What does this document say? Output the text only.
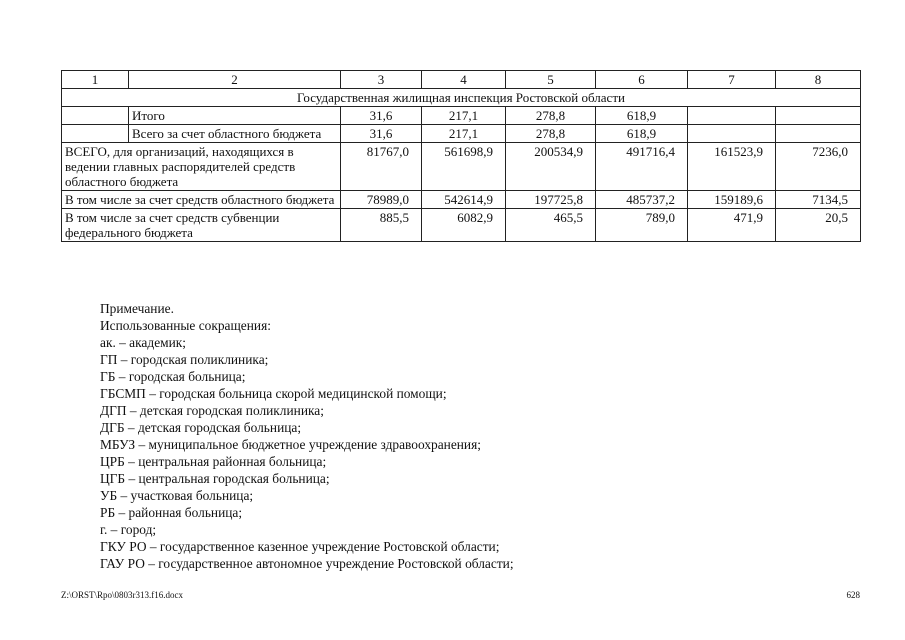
1	2	3	4	5	6	7	8
Государственная жилищная инспекция Ростовской области							
	Итого	31,6	217,1	278,8	618,9		
	Всего за счет областного бюджета	31,6	217,1	278,8	618,9		
ВСЕГО, для организаций, находящихся в ведении главных распорядителей средств областного бюджета		81767,0	561698,9	200534,9	491716,4	161523,9	7236,0
В том числе за счет средств областного бюджета		78989,0	542614,9	197725,8	485737,2	159189,6	7134,5
В том числе за счет средств субвенции федерального бюджета		885,5	6082,9	465,5	789,0	471,9	20,5
Примечание.
Использованные сокращения:
ак. – академик;
ГП – городская поликлиника;
ГБ – городская больница;
ГБСМП – городская больница скорой медицинской помощи;
ДГП – детская городская поликлиника;
ДГБ – детская городская больница;
МБУЗ – муниципальное бюджетное учреждение здравоохранения;
ЦРБ – центральная районная больница;
ЦГБ – центральная городская больница;
УБ – участковая больница;
РБ – районная больница;
г. – город;
ГКУ РО – государственное казенное учреждение Ростовской области;
ГАУ РО – государственное автономное учреждение Ростовской области;
Z:\ORST\Rpo\0803r313.f16.docx	628
